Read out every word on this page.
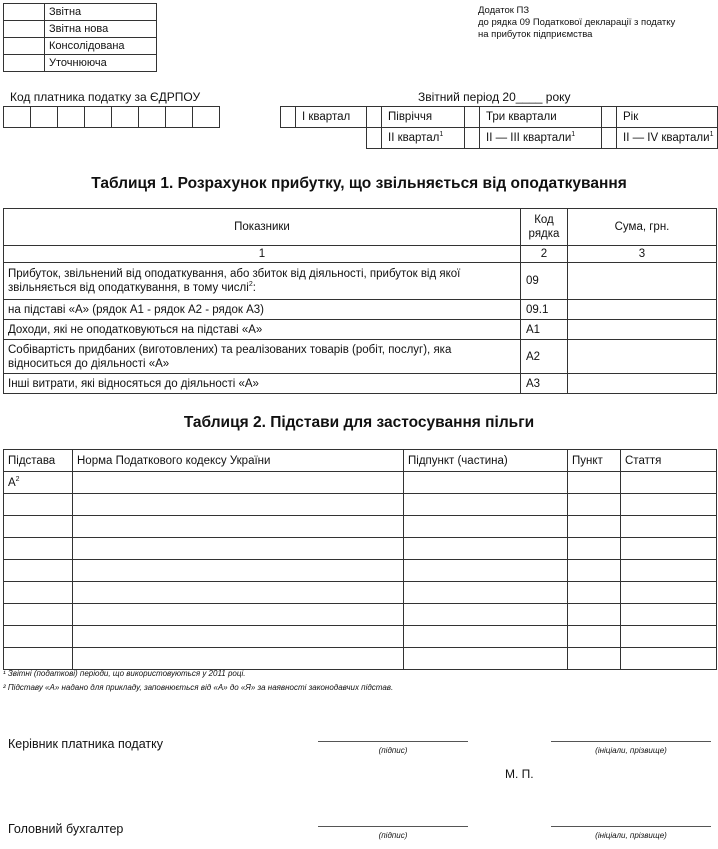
	Звітна
	Звітна нова
	Консолідована
	Уточнююча
Додаток ПЗ
до рядка 09 Податкової декларації з податку
на прибуток підприємства
Код платника податку за ЄДРПОУ
								Звітний період 20____ року
	I квартал		Півріччя		Три квартали		Рік
			II квартал$^1$		II — III квартали$^1$		II — IV квартали$^1$
Таблиця 1. Розрахунок прибутку, що звільняється від оподаткування
Показники	Код рядка	Сума, грн.
1	2	3
Прибуток, звільнений від оподаткування, або збиток від діяльності, прибуток від якої звільняється від оподаткування, в тому числі$^2$:	09	
на підставі «А» (рядок А1 - рядок А2 - рядок А3)	09.1	
Доходи, які не оподатковуються на підставі «А»	А1	
Собівартість придбаних (виготовлених) та реалізованих товарів (робіт, послуг), яка відноситься до діяльності «А»	А2	
Інші витрати, які відносяться до діяльності «А»	А3	
Таблиця 2. Підстави для застосування пільги
Підстава	Норма Податкового кодексу України	Підпункт (частина)	Пункт	Стаття
$А^2$				

¹ Звітні (податкові) періоди, що використовуються у 2011 році.
² Підставу «А» надано для прикладу, заповнюється від «А» до «Я» за наявності законодавчих підстав.
Керівник платника податку	(підпис)	(ініціали, прізвище)
М. П.
Головний бухгалтер	(підпис)	(ініціали, прізвище)
